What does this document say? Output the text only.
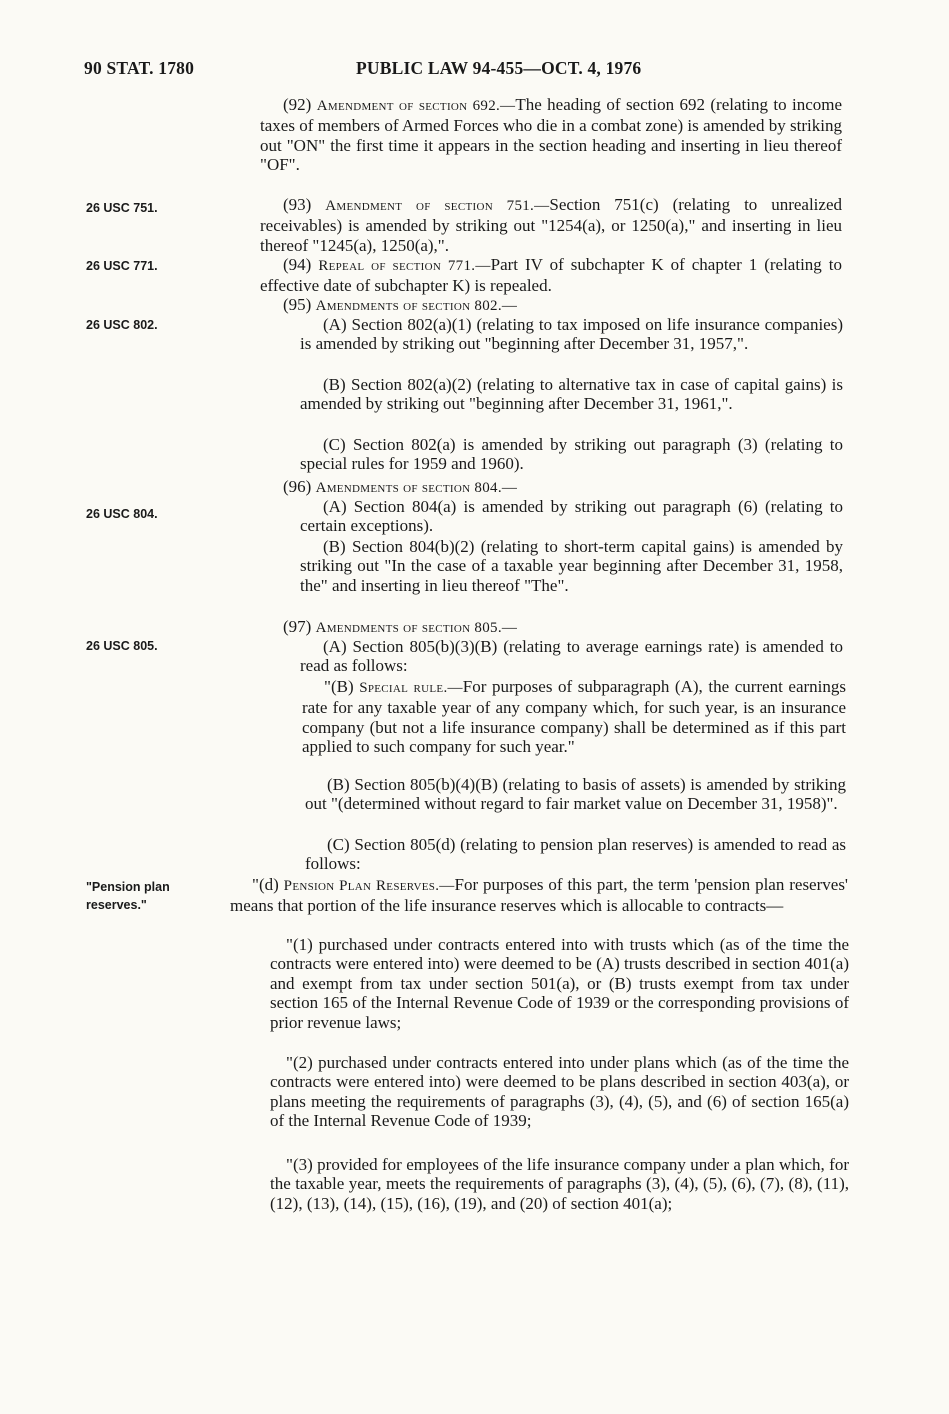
90 STAT. 1780	PUBLIC LAW 94-455—OCT. 4, 1976
26 USC 751.
26 USC 771.
26 USC 802.
26 USC 804.
26 USC 805.
"Pension plan
reserves."

(92) Amendment of section 692.—The heading of section 692 (relating to income taxes of members of Armed Forces who die in a combat zone) is amended by striking out "ON" the first time it appears in the section heading and inserting in lieu thereof "OF".

(93) Amendment of section 751.—Section 751(c) (relating to unrealized receivables) is amended by striking out "1254(a), or 1250(a)," and inserting in lieu thereof "1245(a), 1250(a),".

(94) Repeal of section 771.—Part IV of subchapter K of chapter 1 (relating to effective date of subchapter K) is repealed.

(95) Amendments of section 802.—

(A) Section 802(a)(1) (relating to tax imposed on life insurance companies) is amended by striking out "beginning after December 31, 1957,".

(B) Section 802(a)(2) (relating to alternative tax in case of capital gains) is amended by striking out "beginning after December 31, 1961,".

(C) Section 802(a) is amended by striking out paragraph (3) (relating to special rules for 1959 and 1960).

(96) Amendments of section 804.—

(A) Section 804(a) is amended by striking out paragraph (6) (relating to certain exceptions).

(B) Section 804(b)(2) (relating to short-term capital gains) is amended by striking out "In the case of a taxable year beginning after December 31, 1958, the" and inserting in lieu thereof "The".

(97) Amendments of section 805.—

(A) Section 805(b)(3)(B) (relating to average earnings rate) is amended to read as follows:

"(B) Special rule.—For purposes of subparagraph (A), the current earnings rate for any taxable year of any company which, for such year, is an insurance company (but not a life insurance company) shall be determined as if this part applied to such company for such year."

(B) Section 805(b)(4)(B) (relating to basis of assets) is amended by striking out "(determined without regard to fair market value on December 31, 1958)".

(C) Section 805(d) (relating to pension plan reserves) is amended to read as follows:

"(d) Pension Plan Reserves.—For purposes of this part, the term 'pension plan reserves' means that portion of the life insurance reserves which is allocable to contracts—

"(1) purchased under contracts entered into with trusts which (as of the time the contracts were entered into) were deemed to be (A) trusts described in section 401(a) and exempt from tax under section 501(a), or (B) trusts exempt from tax under section 165 of the Internal Revenue Code of 1939 or the corresponding provisions of prior revenue laws;

"(2) purchased under contracts entered into under plans which (as of the time the contracts were entered into) were deemed to be plans described in section 403(a), or plans meeting the requirements of paragraphs (3), (4), (5), and (6) of section 165(a) of the Internal Revenue Code of 1939;

"(3) provided for employees of the life insurance company under a plan which, for the taxable year, meets the requirements of paragraphs (3), (4), (5), (6), (7), (8), (11), (12), (13), (14), (15), (16), (19), and (20) of section 401(a);
